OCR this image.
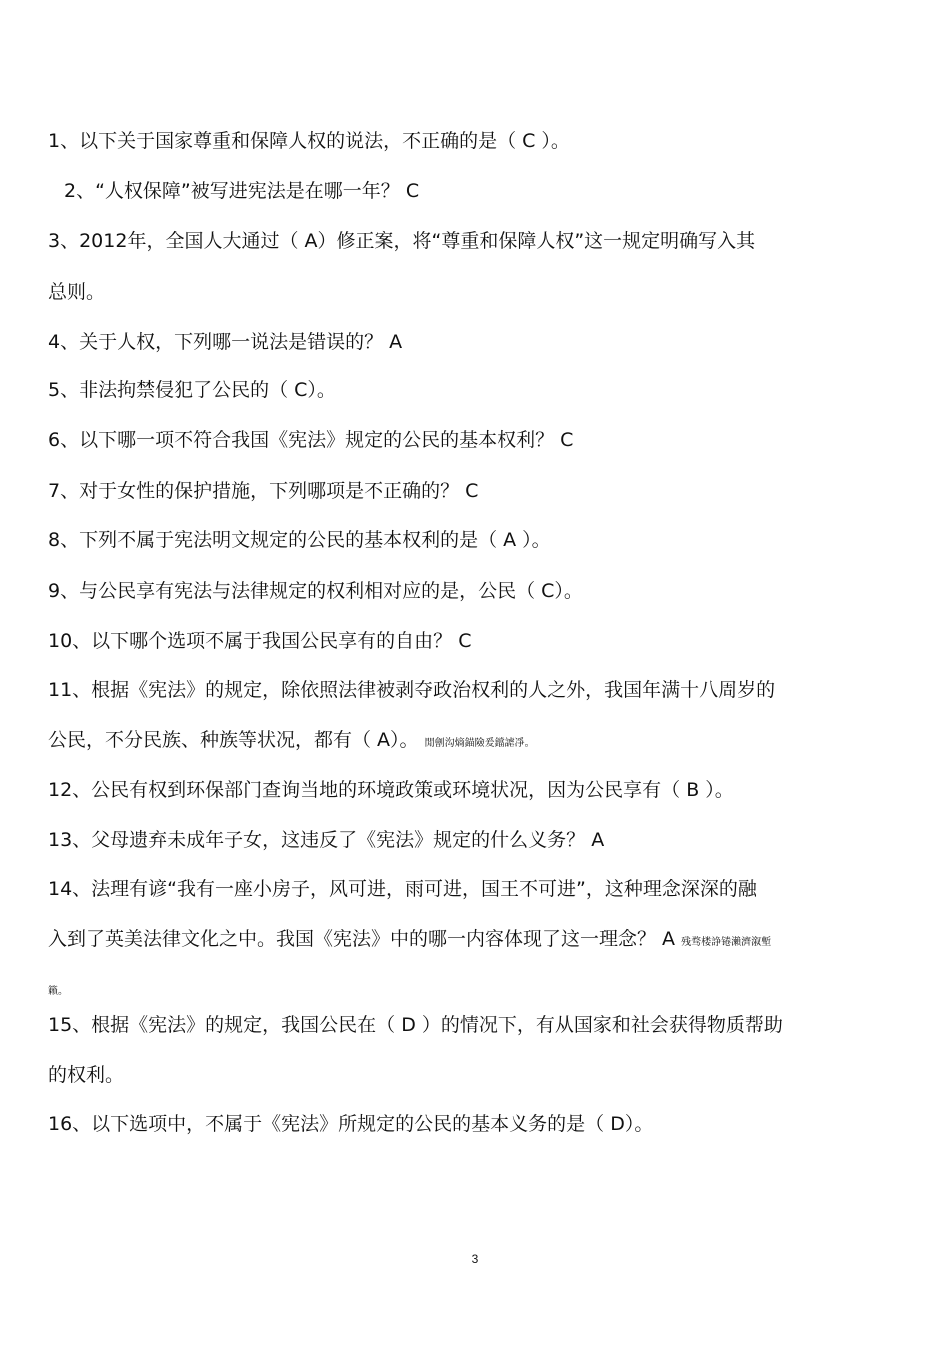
1、以下关于国家尊重和保障人权的说法，不正确的是（ C ）。
2、“人权保障”被写进宪法是在哪一年？ C
3、2012年，全国人大通过（ A）修正案，将“尊重和保障人权”这一规定明确写入其
总则。
4、关于人权，下列哪一说法是错误的？ A
5、非法拘禁侵犯了公民的（ C）。
6、以下哪一项不符合我国《宪法》规定的公民的基本权利？ C
7、对于女性的保护措施，下列哪项是不正确的？ C
8、下列不属于宪法明文规定的公民的基本权利的是（ A ）。
9、与公民享有宪法与法律规定的权利相对应的是，公民（ C）。
10、以下哪个选项不属于我国公民享有的自由？ C
11、根据《宪法》的规定，除依照法律被剥夺政治权利的人之外，我国年满十八周岁的
公民，不分民族、种族等状况，都有（ A）。 閒劊沟熵錨險爰鐺謔凈。
12、公民有权到环保部门查询当地的环境政策或环境状况，因为公民享有（ B ）。
13、父母遗弃未成年子女，这违反了《宪法》规定的什么义务？ A
14、法理有谚“我有一座小房子，风可进，雨可进，国王不可进”，这种理念深深的融
入到了英美法律文化之中。我国《宪法》中的哪一内容体现了这一理念？ A 残骛楼諍锩瀨濟溆塹
籟。
15、根据《宪法》的规定，我国公民在（ D ）的情况下，有从国家和社会获得物质帮助
的权利。
16、以下选项中，不属于《宪法》所规定的公民的基本义务的是（ D）。
3
